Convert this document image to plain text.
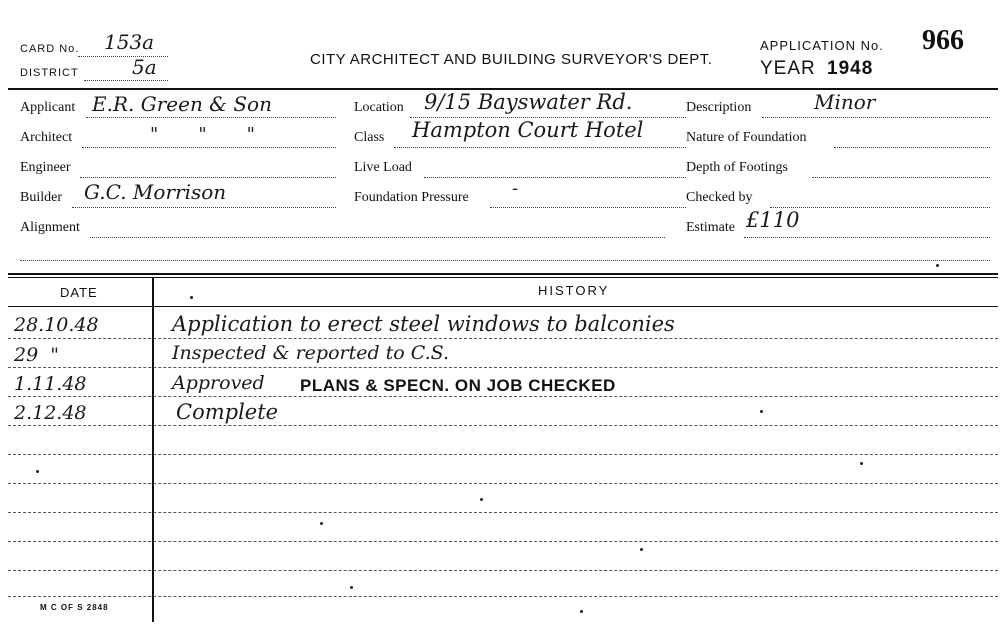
CARD No. 153a
DISTRICT	5a	CITY ARCHITECT AND BUILDING SURVEYOR'S DEPT.
APPLICATION No. 966
YEAR 1948
Applicant E.R. Green & Son
Architect	"       "       "
Engineer
Builder G.C. Morrison
Alignment
Location 9/15 Bayswater Rd.
Class Hampton Court Hotel
Live Load
Foundation Pressure -
Description	Minor
Nature of Foundation
Depth of Footings
Checked by
Estimate £110
DATE	HISTORY
28.10.48	Application to erect steel windows to balconies
29  "	Inspected & reported to C.S.
1.11.48	Approved PLANS & SPECN. ON JOB CHECKED
2.12.48	Complete
M C OF S 2848
